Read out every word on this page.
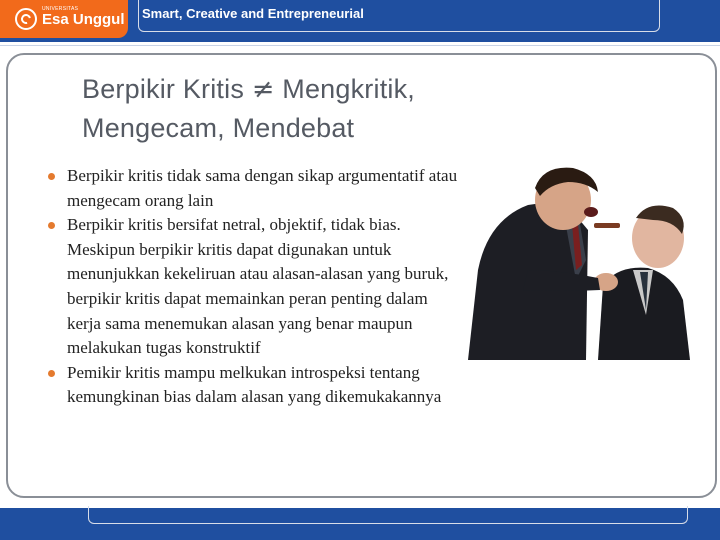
UNIVERSITAS
Esa Unggul Smart, Creative and Entrepreneurial
Berpikir Kritis ≠ Mengkritik,
Mengecam, Mendebat
Berpikir kritis tidak sama dengan sikap argumentatif atau mengecam orang lain
Berpikir kritis bersifat netral, objektif, tidak bias. Meskipun berpikir kritis dapat digunakan untuk menunjukkan kekeliruan atau alasan-alasan yang buruk, berpikir kritis dapat memainkan peran penting dalam kerja sama menemukan alasan yang benar maupun melakukan tugas konstruktif
Pemikir kritis mampu melkukan introspeksi tentang kemungkinan bias dalam alasan yang dikemukakannya
